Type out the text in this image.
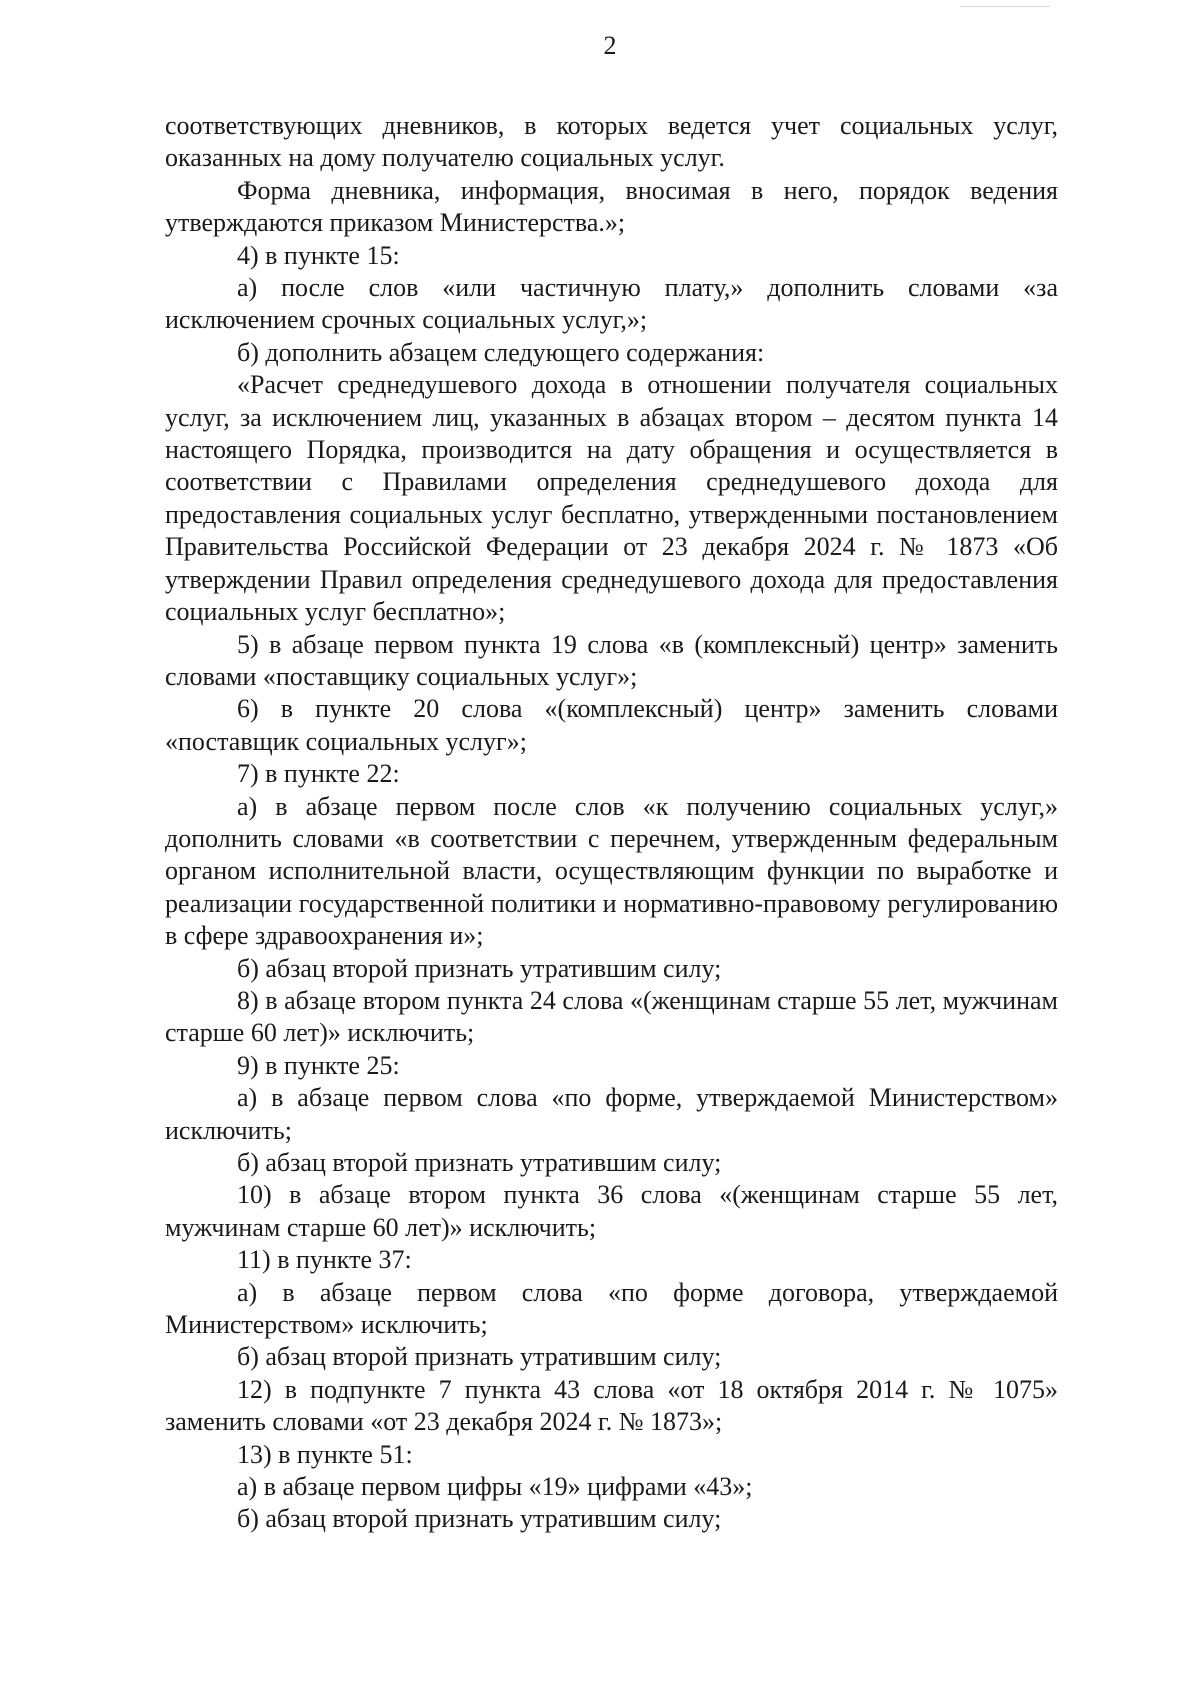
2

соответствующих дневников, в которых ведется учет социальных услуг, оказанных на дому получателю социальных услуг.

Форма дневника, информация, вносимая в него, порядок ведения утверждаются приказом Министерства.»;

4) в пункте 15:

а) после слов «или частичную плату,» дополнить словами «за исключением срочных социальных услуг,»;

б) дополнить абзацем следующего содержания:

«Расчет среднедушевого дохода в отношении получателя социальных услуг, за исключением лиц, указанных в абзацах втором – десятом пункта 14 настоящего Порядка, производится на дату обращения и осуществляется в соответствии с Правилами определения среднедушевого дохода для предоставления социальных услуг бесплатно, утвержденными постановлением Правительства Российской Федерации от 23 декабря 2024 г. № 1873 «Об утверждении Правил определения среднедушевого дохода для предоставления социальных услуг бесплатно»;

5) в абзаце первом пункта 19 слова «в (комплексный) центр» заменить словами «поставщику социальных услуг»;

6) в пункте 20 слова «(комплексный) центр» заменить словами «поставщик социальных услуг»;

7) в пункте 22:

а) в абзаце первом после слов «к получению социальных услуг,» дополнить словами «в соответствии с перечнем, утвержденным федеральным органом исполнительной власти, осуществляющим функции по выработке и реализации государственной политики и нормативно-правовому регулированию в сфере здравоохранения и»;

б) абзац второй признать утратившим силу;

8) в абзаце втором пункта 24 слова «(женщинам старше 55 лет, мужчинам старше 60 лет)» исключить;

9) в пункте 25:

а) в абзаце первом слова «по форме, утверждаемой Министерством» исключить;

б) абзац второй признать утратившим силу;

10) в абзаце втором пункта 36 слова «(женщинам старше 55 лет, мужчинам старше 60 лет)» исключить;

11) в пункте 37:

а) в абзаце первом слова «по форме договора, утверждаемой Министерством» исключить;

б) абзац второй признать утратившим силу;

12) в подпункте 7 пункта 43 слова «от 18 октября 2014 г. № 1075» заменить словами «от 23 декабря 2024 г. № 1873»;

13) в пункте 51:

а) в абзаце первом цифры «19» цифрами «43»;

б) абзац второй признать утратившим силу;
